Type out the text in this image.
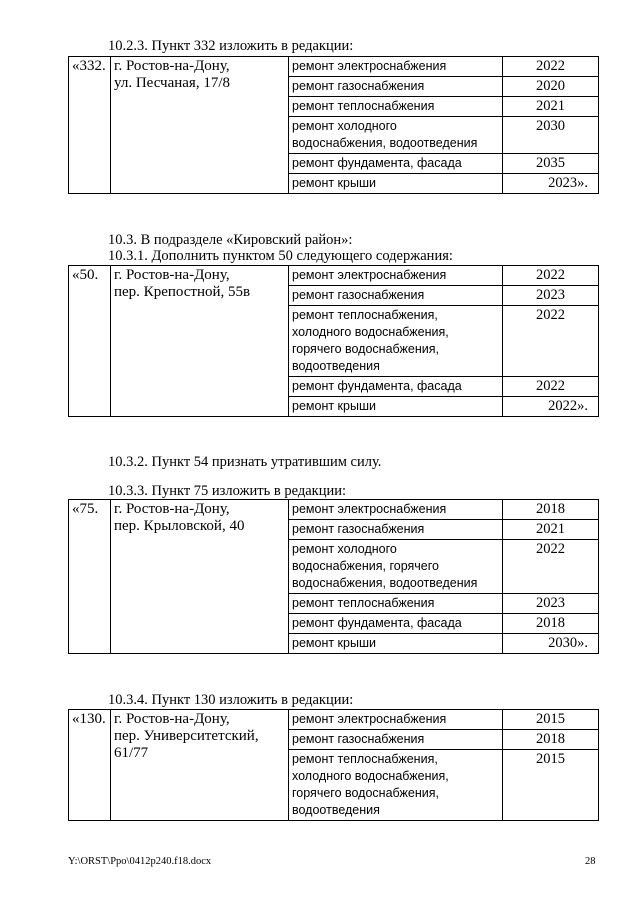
10.2.3. Пункт 332 изложить в редакции:
«332.	г. Ростов-на-Дону,
ул. Песчаная, 17/8	ремонт электроснабжения	2022
		ремонт газоснабжения	2020
		ремонт теплоснабжения	2021
		ремонт холодного
водоснабжения, водоотведения	2030
		ремонт фундамента, фасада	2035
		ремонт крыши	2023».
10.3. В подразделе «Кировский район»:
10.3.1. Дополнить пунктом 50 следующего содержания:
«50.	г. Ростов-на-Дону,
пер. Крепостной, 55в	ремонт электроснабжения	2022
		ремонт газоснабжения	2023
		ремонт теплоснабжения,
холодного водоснабжения,
горячего водоснабжения,
водоотведения	2022
		ремонт фундамента, фасада	2022
		ремонт крыши	2022».
10.3.2. Пункт 54 признать утратившим силу.
10.3.3. Пункт 75 изложить в редакции:
«75.	г. Ростов-на-Дону,
пер. Крыловской, 40	ремонт электроснабжения	2018
		ремонт газоснабжения	2021
		ремонт холодного
водоснабжения, горячего
водоснабжения, водоотведения	2022
		ремонт теплоснабжения	2023
		ремонт фундамента, фасада	2018
		ремонт крыши	2030».
10.3.4. Пункт 130 изложить в редакции:
«130.	г. Ростов-на-Дону,
пер. Университетский, 61/77	ремонт электроснабжения	2015
		ремонт газоснабжения	2018
		ремонт теплоснабжения,
холодного водоснабжения,
горячего водоснабжения,
водоотведения	2015
Y:\ORST\Ppo\0412p240.f18.docx	28
